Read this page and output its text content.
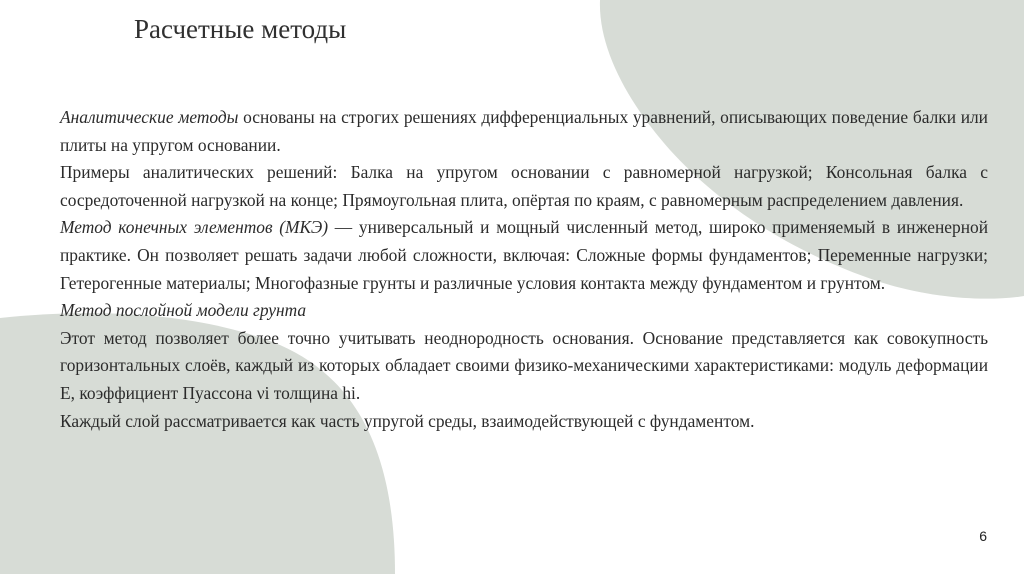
Расчетные методы

Аналитические методы основаны на строгих решениях дифференциальных уравнений, описывающих поведение балки или плиты на упругом основании.

Примеры аналитических решений: Балка на упругом основании с равномерной нагрузкой; Консольная балка с сосредоточенной нагрузкой на конце; Прямоугольная плита, опёртая по краям, с равномерным распределением давления.

Метод конечных элементов (МКЭ) — универсальный и мощный численный метод, широко применяемый в инженерной практике. Он позволяет решать задачи любой сложности, включая: Сложные формы фундаментов; Переменные нагрузки; Гетерогенные материалы; Многофазные грунты и различные условия контакта между фундаментом и грунтом.

Метод послойной модели грунта

Этот метод позволяет более точно учитывать неоднородность основания. Основание представляется как совокупность горизонтальных слоёв, каждый из которых обладает своими физико-механическими характеристиками: модуль деформации E, коэффициент Пуассона νi толщина hi.

Каждый слой рассматривается как часть упругой среды, взаимодействующей с фундаментом.

6
